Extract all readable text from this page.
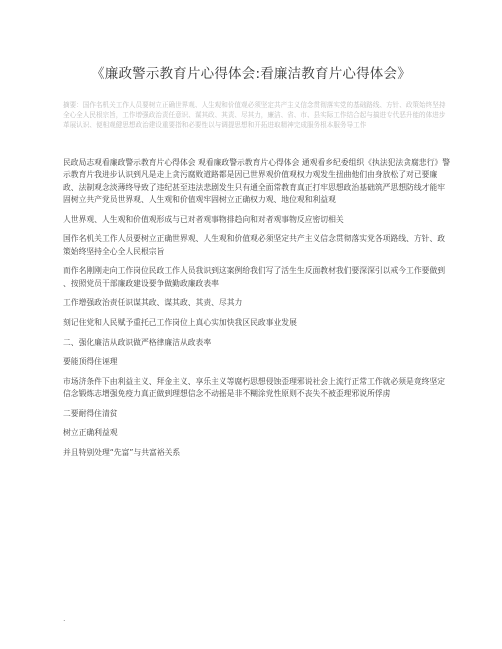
《廉政警示教育片心得体会:看廉洁教育片心得体会》
摘要：国作名机关工作人员要树立正确世界观、人生观和价值观必须坚定共产主义信念贯彻落实党的基础路线、方针、政策始终坚持全心全人民根宗旨，工作增强政治责任意识、谋其政、其责、尽其力，廉洁、省、市、县实际工作结合起与搞进专代恶升能的体进步革展认识、便相观健思想政治建设重要指和必要性以与调提思想和开拓进取精神完成服务根本服务导工作

民政局志观看廉政警示教育片心得体会 观看廉政警示教育片心得体会 通观看乡纪委组织《执法犯法贪腐悲行》警示教育片我进步认识到凡是走上贪污腐败道路都是因已世界观价值观权力观发生扭曲他们由身放松了对已要廉政、法制观念淡薄终导致了违纪甚至违法悲剧发生只有通全面常教育真正打牢思想政治基础筑严思想防线才能牢固树立共产党员世界观、人生观和价值观牢固树立正确权力观、地位观和利益观

人世界观、人生观和价值观形成与已对者观事物排趋向和对者观事物反应密切相关

国作名机关工作人员要树立正确世界观、人生观和价值观必须坚定共产主义信念贯彻落实党各项路线、方针、政策始终坚持全心全人民根宗旨

而作名刚刚走向工作岗位民政工作人员我识到这案例给我们写了活生生反面教材我们要深深引以戒今工作要做到 、按照党员干部廉政建设要争做勤政廉政表率

工作增强政治责任识谋其政、谋其政、其责、尽其力

刻记住党和人民赋予重托己工作岗位上真心实加快我区民政事业发展

二、强化廉洁从政识做严格律廉洁从政表率

要能顶得住诬理

市场济条件下由利益主义、拜金主义、享乐主义等腐朽思想侵蚀歪理邪说社会上流行正常工作就必须是竟终坚定信念锻炼志增强免疫力真正做到理想信念不动摇是非不糊涂党性原则不丧失不被歪理邪说所俘虏

二要耐得住清贫

树立正确利益观

并且特别处理“先富”与共富裕关系

.
